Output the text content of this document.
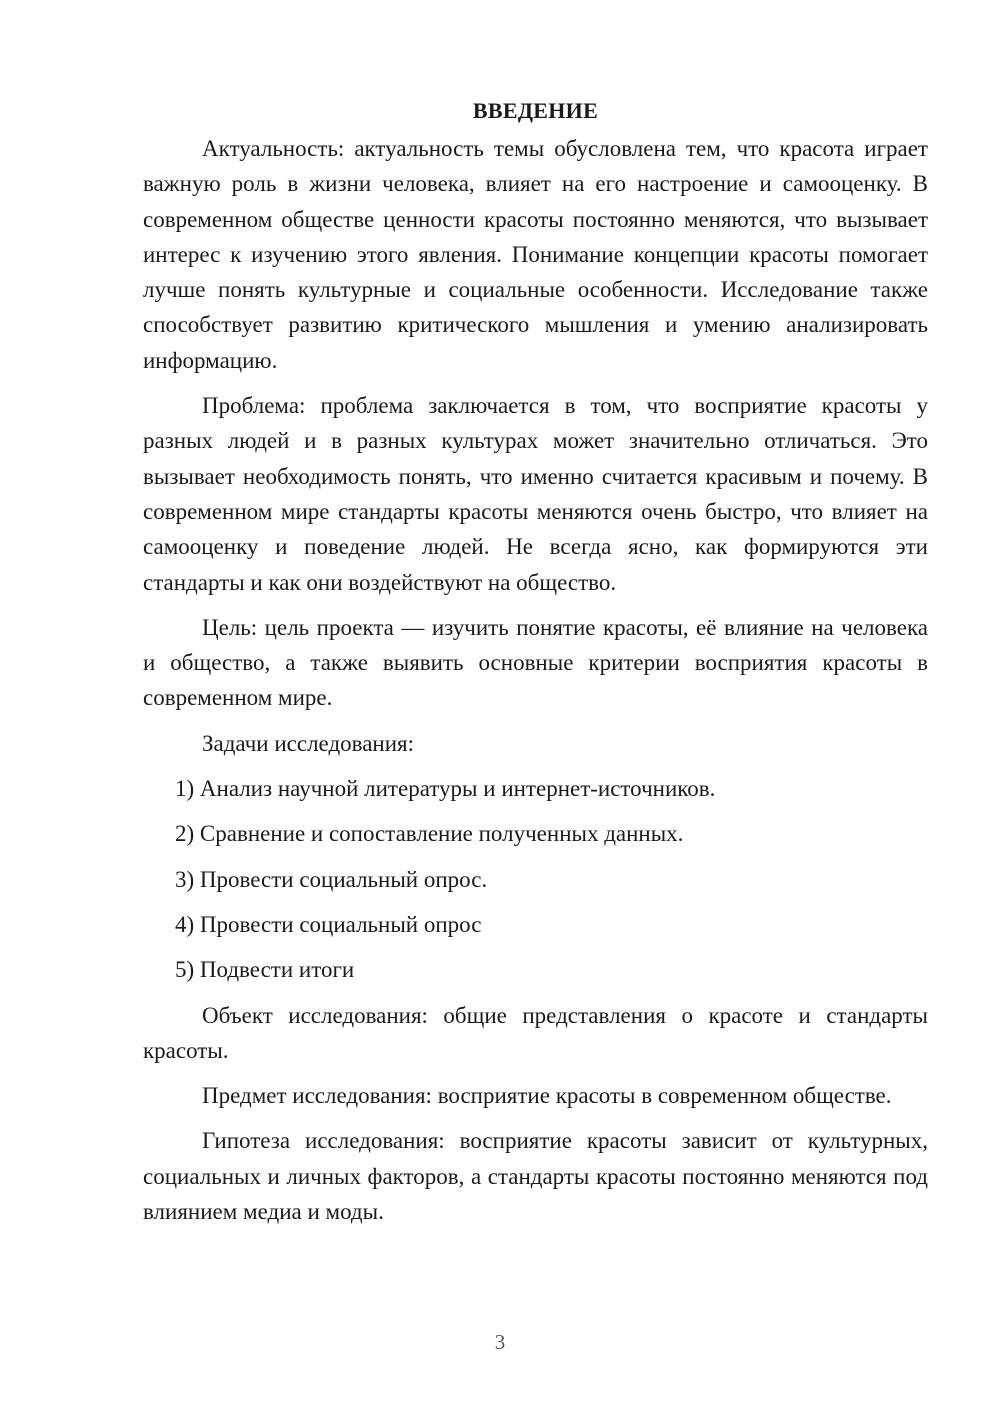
ВВЕДЕНИЕ

Актуальность: актуальность темы обусловлена тем, что красота играет важную роль в жизни человека, влияет на его настроение и самооценку. В современном обществе ценности красоты постоянно меняются, что вызывает интерес к изучению этого явления. Понимание концепции красоты помогает лучше понять культурные и социальные особенности. Исследование также способствует развитию критического мышления и умению анализировать информацию.

Проблема: проблема заключается в том, что восприятие красоты у разных людей и в разных культурах может значительно отличаться. Это вызывает необходимость понять, что именно считается красивым и почему. В современном мире стандарты красоты меняются очень быстро, что влияет на самооценку и поведение людей. Не всегда ясно, как формируются эти стандарты и как они воздействуют на общество.

Цель: цель проекта — изучить понятие красоты, её влияние на человека и общество, а также выявить основные критерии восприятия красоты в современном мире.

Задачи исследования:

1) Анализ научной литературы и интернет-источников.
2) Сравнение и сопоставление полученных данных.
3) Провести социальный опрос.
4) Провести социальный опрос
5) Подвести итоги

Объект исследования: общие представления о красоте и стандарты красоты.

Предмет исследования: восприятие красоты в современном обществе.

Гипотеза исследования: восприятие красоты зависит от культурных, социальных и личных факторов, а стандарты красоты постоянно меняются под влиянием медиа и моды.

3
